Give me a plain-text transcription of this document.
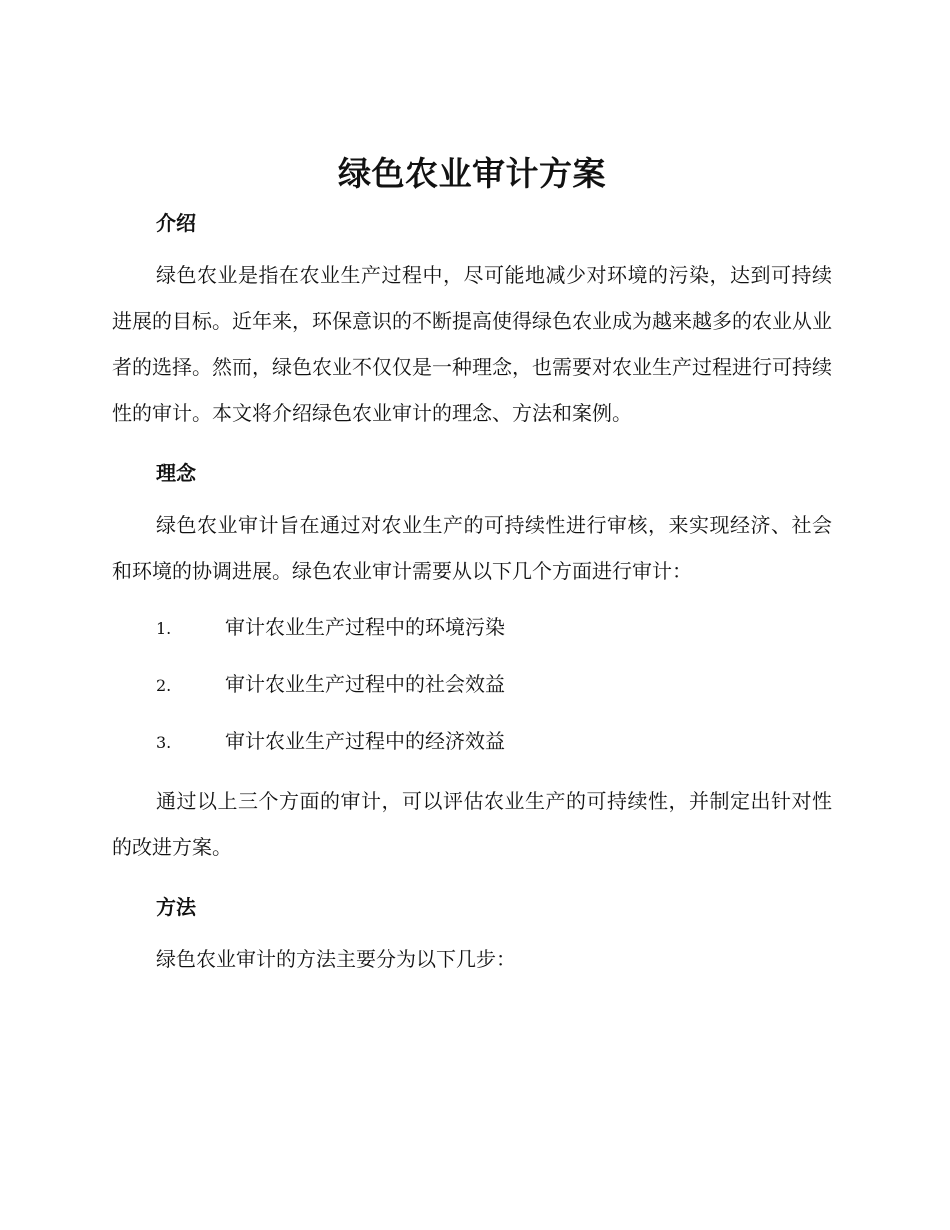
绿色农业审计方案
介绍

绿色农业是指在农业生产过程中，尽可能地减少对环境的污染，达到可持续进展的目标。近年来，环保意识的不断提高使得绿色农业成为越来越多的农业从业者的选择。然而，绿色农业不仅仅是一种理念，也需要对农业生产过程进行可持续性的审计。本文将介绍绿色农业审计的理念、方法和案例。

理念

绿色农业审计旨在通过对农业生产的可持续性进行审核，来实现经济、社会和环境的协调进展。绿色农业审计需要从以下几个方面进行审计：

1.	审计农业生产过程中的环境污染
2.	审计农业生产过程中的社会效益
3.	审计农业生产过程中的经济效益

通过以上三个方面的审计，可以评估农业生产的可持续性，并制定出针对性的改进方案。

方法

绿色农业审计的方法主要分为以下几步：
